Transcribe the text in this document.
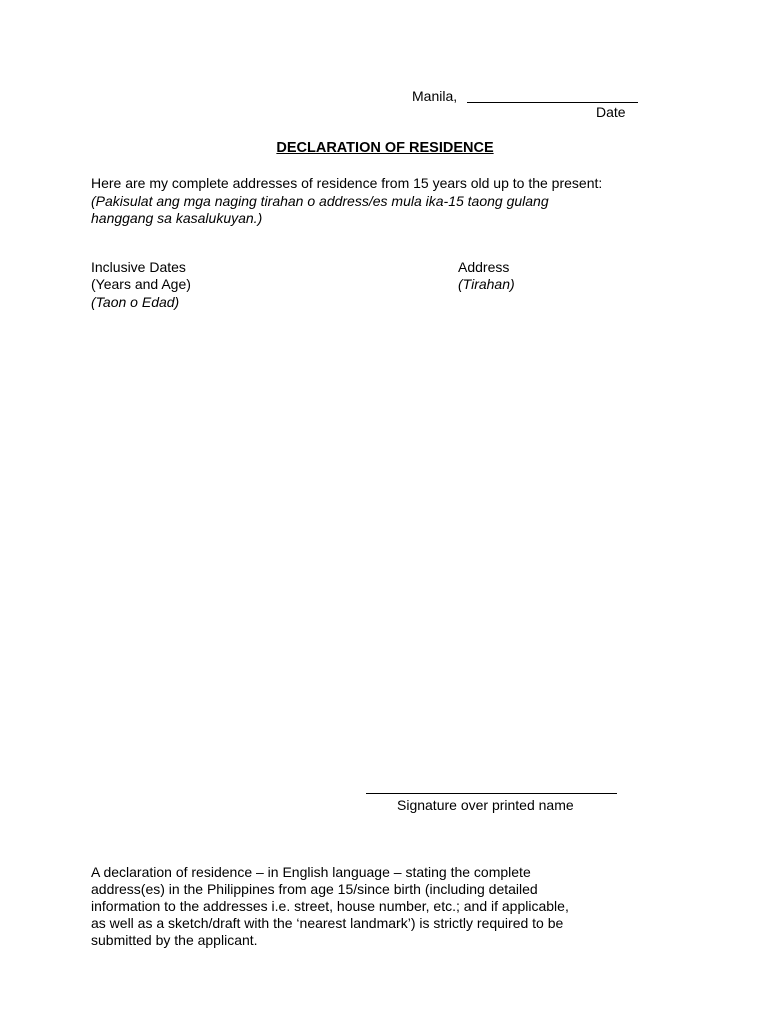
Manila,
Date
DECLARATION OF RESIDENCE
Here are my complete addresses of residence from 15 years old up to the present:
(Pakisulat ang mga naging tirahan o address/es mula ika-15 taong gulang
hanggang sa kasalukuyan.)
Inclusive Dates
(Years and Age)
(Taon o Edad)
Address
(Tirahan)
Signature over printed name
A declaration of residence – in English language – stating the complete
address(es) in the Philippines from age 15/since birth (including detailed
information to the addresses i.e. street, house number, etc.; and if applicable,
as well as a sketch/draft with the ‘nearest landmark’) is strictly required to be
submitted by the applicant.
